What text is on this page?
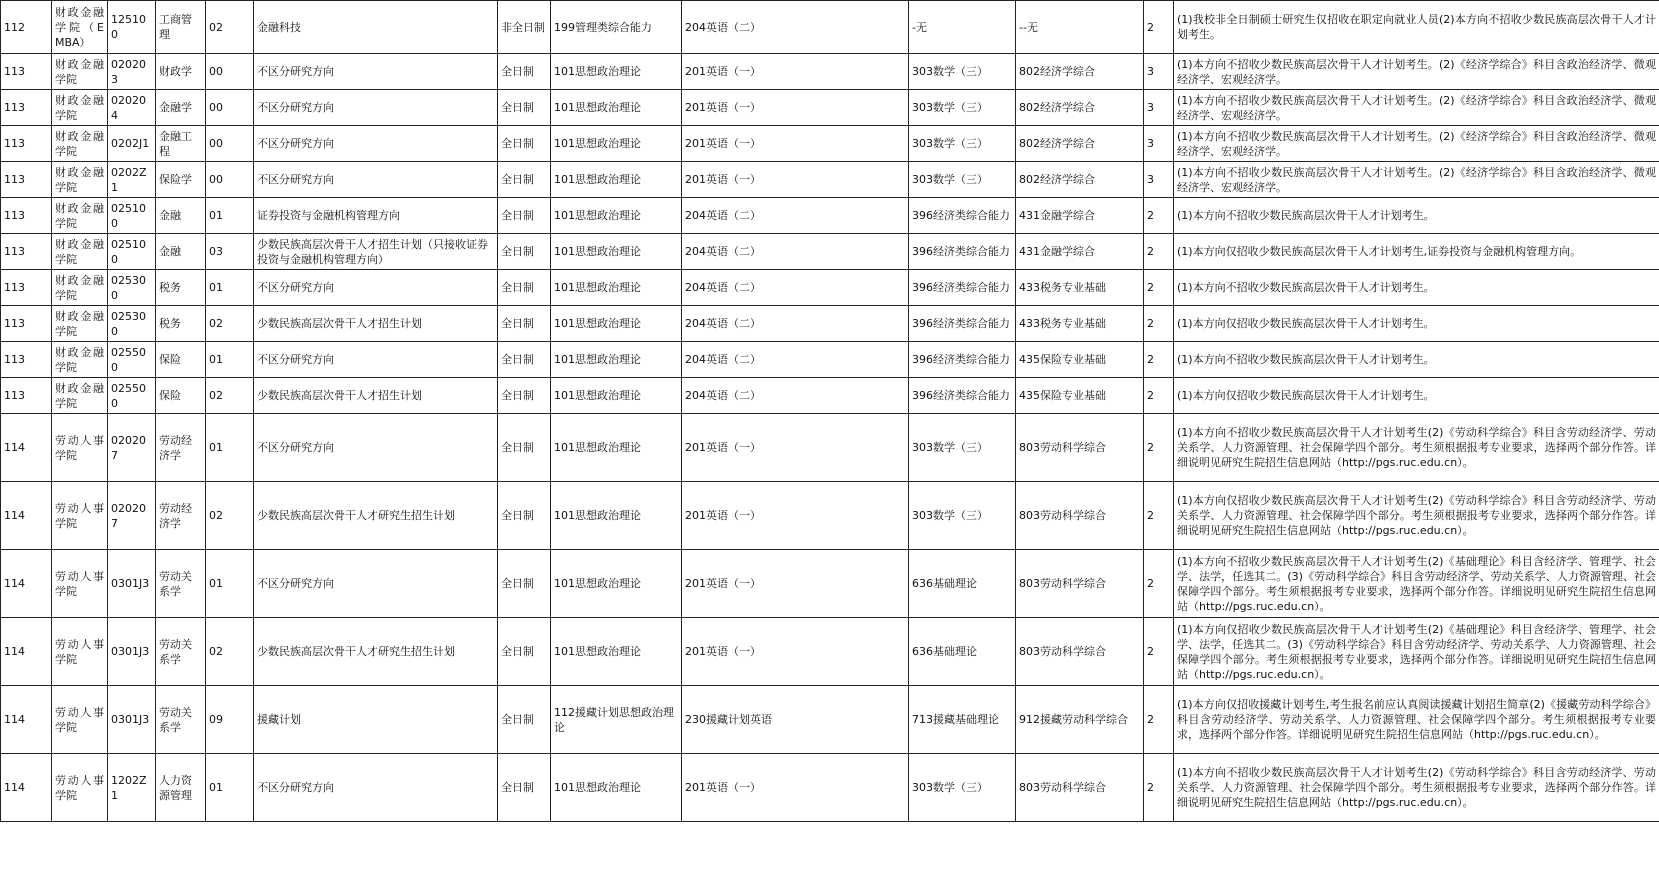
112	财政金融学院（EMBA）	125100	工商管理	02	金融科技	非全日制	199管理类综合能力	204英语（二）	-无	--无	2	(1)我校非全日制硕士研究生仅招收在职定向就业人员(2)本方向不招收少数民族高层次骨干人才计划考生。
113	财政金融学院	020203	财政学	00	不区分研究方向	全日制	101思想政治理论	201英语（一）	303数学（三）	802经济学综合	3	(1)本方向不招收少数民族高层次骨干人才计划考生。(2)《经济学综合》科目含政治经济学、微观经济学、宏观经济学。
113	财政金融学院	020204	金融学	00	不区分研究方向	全日制	101思想政治理论	201英语（一）	303数学（三）	802经济学综合	3	(1)本方向不招收少数民族高层次骨干人才计划考生。(2)《经济学综合》科目含政治经济学、微观经济学、宏观经济学。
113	财政金融学院	0202J1	金融工程	00	不区分研究方向	全日制	101思想政治理论	201英语（一）	303数学（三）	802经济学综合	3	(1)本方向不招收少数民族高层次骨干人才计划考生。(2)《经济学综合》科目含政治经济学、微观经济学、宏观经济学。
113	财政金融学院	0202Z1	保险学	00	不区分研究方向	全日制	101思想政治理论	201英语（一）	303数学（三）	802经济学综合	3	(1)本方向不招收少数民族高层次骨干人才计划考生。(2)《经济学综合》科目含政治经济学、微观经济学、宏观经济学。
113	财政金融学院	025100	金融	01	证券投资与金融机构管理方向	全日制	101思想政治理论	204英语（二）	396经济类综合能力	431金融学综合	2	(1)本方向不招收少数民族高层次骨干人才计划考生。
113	财政金融学院	025100	金融	03	少数民族高层次骨干人才招生计划（只接收证券投资与金融机构管理方向）	全日制	101思想政治理论	204英语（二）	396经济类综合能力	431金融学综合	2	(1)本方向仅招收少数民族高层次骨干人才计划考生,证券投资与金融机构管理方向。
113	财政金融学院	025300	税务	01	不区分研究方向	全日制	101思想政治理论	204英语（二）	396经济类综合能力	433税务专业基础	2	(1)本方向不招收少数民族高层次骨干人才计划考生。
113	财政金融学院	025300	税务	02	少数民族高层次骨干人才招生计划	全日制	101思想政治理论	204英语（二）	396经济类综合能力	433税务专业基础	2	(1)本方向仅招收少数民族高层次骨干人才计划考生。
113	财政金融学院	025500	保险	01	不区分研究方向	全日制	101思想政治理论	204英语（二）	396经济类综合能力	435保险专业基础	2	(1)本方向不招收少数民族高层次骨干人才计划考生。
113	财政金融学院	025500	保险	02	少数民族高层次骨干人才招生计划	全日制	101思想政治理论	204英语（二）	396经济类综合能力	435保险专业基础	2	(1)本方向仅招收少数民族高层次骨干人才计划考生。
114	劳动人事学院	020207	劳动经济学	01	不区分研究方向	全日制	101思想政治理论	201英语（一）	303数学（三）	803劳动科学综合	2	(1)本方向不招收少数民族高层次骨干人才计划考生(2)《劳动科学综合》科目含劳动经济学、劳动关系学、人力资源管理、社会保障学四个部分。考生须根据报考专业要求，选择两个部分作答。详细说明见研究生院招生信息网站（http://pgs.ruc.edu.cn）。
114	劳动人事学院	020207	劳动经济学	02	少数民族高层次骨干人才研究生招生计划	全日制	101思想政治理论	201英语（一）	303数学（三）	803劳动科学综合	2	(1)本方向仅招收少数民族高层次骨干人才计划考生(2)《劳动科学综合》科目含劳动经济学、劳动关系学、人力资源管理、社会保障学四个部分。考生须根据报考专业要求，选择两个部分作答。详细说明见研究生院招生信息网站（http://pgs.ruc.edu.cn）。
114	劳动人事学院	0301J3	劳动关系学	01	不区分研究方向	全日制	101思想政治理论	201英语（一）	636基础理论	803劳动科学综合	2	(1)本方向不招收少数民族高层次骨干人才计划考生(2)《基础理论》科目含经济学、管理学、社会学、法学，任选其二。(3)《劳动科学综合》科目含劳动经济学、劳动关系学、人力资源管理、社会保障学四个部分。考生须根据报考专业要求，选择两个部分作答。详细说明见研究生院招生信息网站（http://pgs.ruc.edu.cn）。
114	劳动人事学院	0301J3	劳动关系学	02	少数民族高层次骨干人才研究生招生计划	全日制	101思想政治理论	201英语（一）	636基础理论	803劳动科学综合	2	(1)本方向仅招收少数民族高层次骨干人才计划考生(2)《基础理论》科目含经济学、管理学、社会学、法学，任选其二。(3)《劳动科学综合》科目含劳动经济学、劳动关系学、人力资源管理、社会保障学四个部分。考生须根据报考专业要求，选择两个部分作答。详细说明见研究生院招生信息网站（http://pgs.ruc.edu.cn）。
114	劳动人事学院	0301J3	劳动关系学	09	援藏计划	全日制	112援藏计划思想政治理论	230援藏计划英语	713援藏基础理论	912援藏劳动科学综合	2	(1)本方向仅招收援藏计划考生,考生报名前应认真阅读援藏计划招生简章(2)《援藏劳动科学综合》科目含劳动经济学、劳动关系学、人力资源管理、社会保障学四个部分。考生须根据报考专业要求，选择两个部分作答。详细说明见研究生院招生信息网站（http://pgs.ruc.edu.cn）。
114	劳动人事学院	1202Z1	人力资源管理	01	不区分研究方向	全日制	101思想政治理论	201英语（一）	303数学（三）	803劳动科学综合	2	(1)本方向不招收少数民族高层次骨干人才计划考生(2)《劳动科学综合》科目含劳动经济学、劳动关系学、人力资源管理、社会保障学四个部分。考生须根据报考专业要求，选择两个部分作答。详细说明见研究生院招生信息网站（http://pgs.ruc.edu.cn）。
